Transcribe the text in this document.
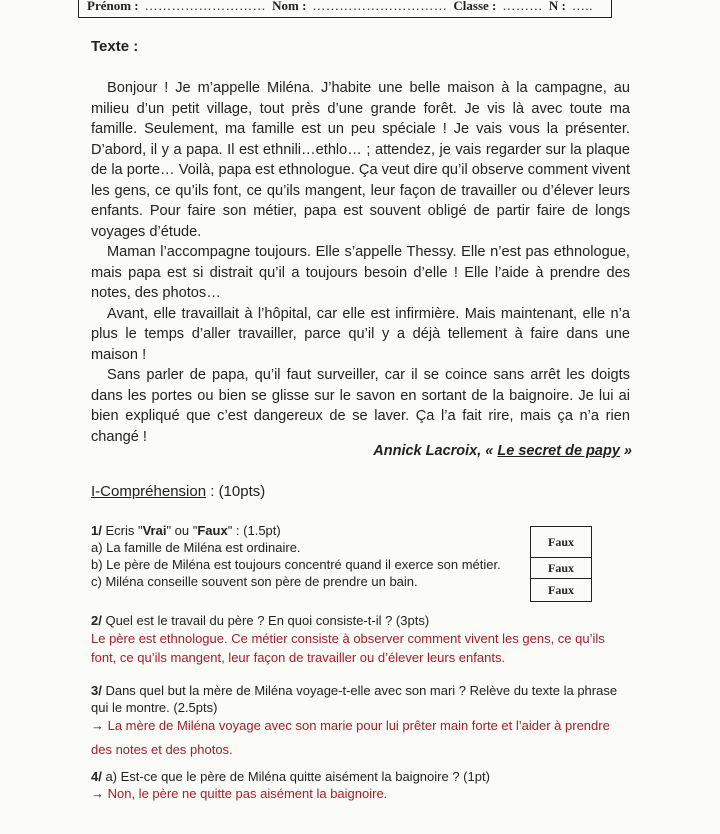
Prénom : ……………………… Nom : ………………………… Classe : ……… N : …..
Texte :

Bonjour ! Je m’appelle Miléna. J’habite une belle maison à la campagne, au milieu d’un petit village, tout près d’une grande forêt. Je vis là avec toute ma famille. Seulement, ma famille est un peu spéciale ! Je vais vous la présenter. D’abord, il y a papa. Il est ethnili…ethlo… ; attendez, je vais regarder sur la plaque de la porte… Voilà, papa est ethnologue. Ça veut dire qu’il observe comment vivent les gens, ce qu’ils font, ce qu’ils mangent, leur façon de travailler ou d’élever leurs enfants. Pour faire son métier, papa est souvent obligé de partir faire de longs voyages d’étude.

Maman l’accompagne toujours. Elle s’appelle Thessy. Elle n’est pas ethnologue, mais papa est si distrait qu’il a toujours besoin d’elle ! Elle l’aide à prendre des notes, des photos…

Avant, elle travaillait à l’hôpital, car elle est infirmière. Mais maintenant, elle n’a plus le temps d’aller travailler, parce qu’il y a déjà tellement à faire dans une maison !

Sans parler de papa, qu’il faut surveiller, car il se coince sans arrêt les doigts dans les portes ou bien se glisse sur le savon en sortant de la baignoire. Je lui ai bien expliqué que c’est dangereux de se laver. Ça l’a fait rire, mais ça n’a rien changé !

Annick Lacroix, « Le secret de papy »
I-Compréhension : (10pts)
1/ Ecris "Vrai" ou "Faux" : (1.5pt)
a) La famille de Miléna est ordinaire.
b) Le père de Miléna est toujours concentré quand il exerce son métier.
c) Miléna conseille souvent son père de prendre un bain.
Faux
Faux
Faux
2/ Quel est le travail du père ? En quoi consiste-t-il ? (3pts)
Le père est ethnologue. Ce métier consiste à observer comment vivent les gens, ce qu’ils font, ce qu’ils mangent, leur façon de travailler ou d’élever leurs enfants.
3/ Dans quel but la mère de Miléna voyage-t-elle avec son mari ? Relève du texte la phrase qui le montre. (2.5pts)
→ La mère de Miléna voyage avec son marie pour lui prêter main forte et l’aider à prendre
des notes et des photos.
4/ a) Est-ce que le père de Miléna quitte aisément la baignoire ? (1pt)
→ Non, le père ne quitte pas aisément la baignoire.
